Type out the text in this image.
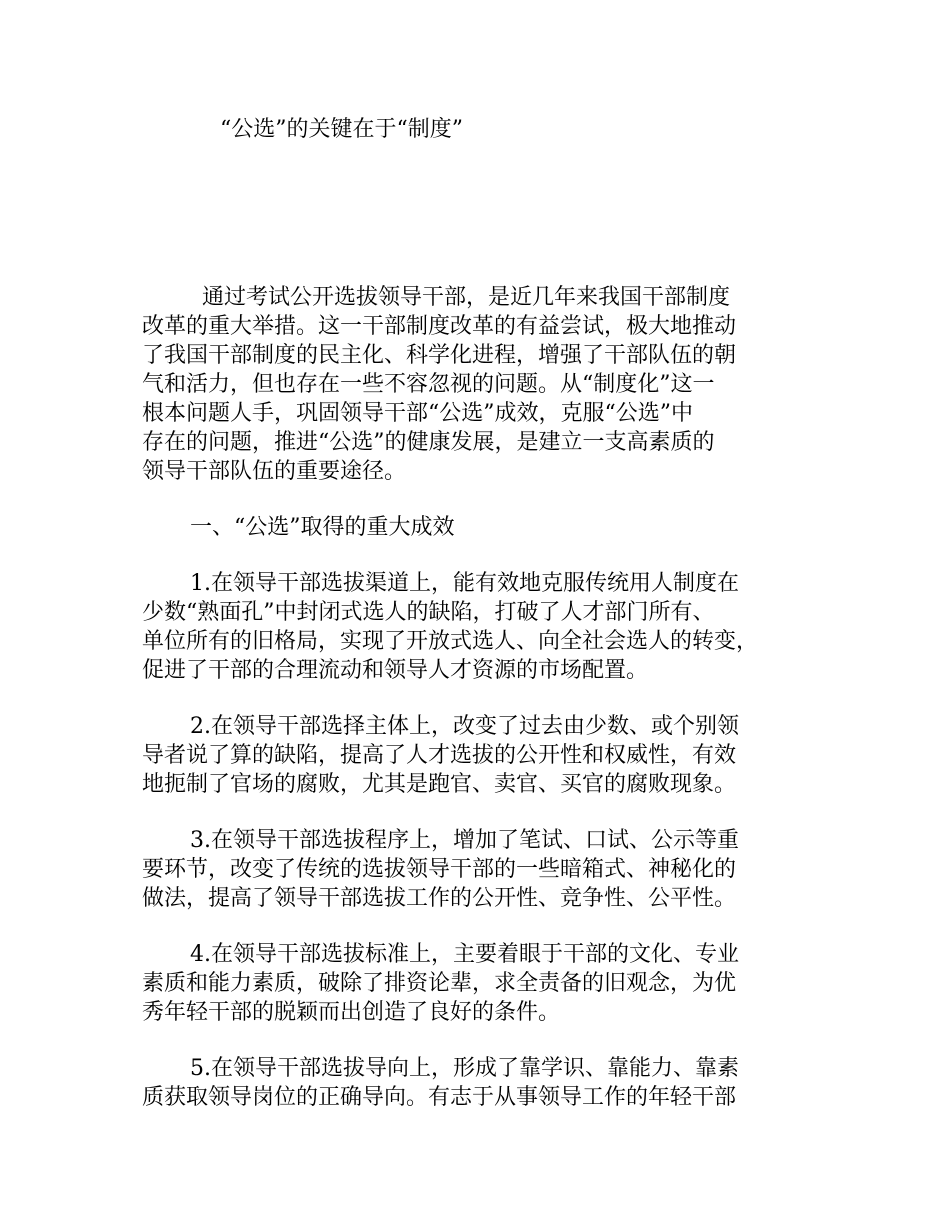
“公选”的关键在于“制度”
通过考试公开选拔领导干部，是近几年来我国干部制度
改革的重大举措。这一干部制度改革的有益尝试，极大地推动
了我国干部制度的民主化、科学化进程，增强了干部队伍的朝
气和活力，但也存在一些不容忽视的问题。从“制度化”这一
根本问题人手，巩固领导干部“公选”成效，克服“公选”中
存在的问题，推进“公选”的健康发展，是建立一支高素质的
领导干部队伍的重要途径。
一、“公选”取得的重大成效
1.在领导干部选拔渠道上，能有效地克服传统用人制度在
少数“熟面孔”中封闭式选人的缺陷，打破了人才部门所有、
单位所有的旧格局，实现了开放式选人、向全社会选人的转变，
促进了干部的合理流动和领导人才资源的市场配置。
2.在领导干部选择主体上，改变了过去由少数、或个别领
导者说了算的缺陷，提高了人才选拔的公开性和权威性，有效
地扼制了官场的腐败，尤其是跑官、卖官、买官的腐败现象。
3.在领导干部选拔程序上，增加了笔试、口试、公示等重
要环节，改变了传统的选拔领导干部的一些暗箱式、神秘化的
做法，提高了领导干部选拔工作的公开性、竞争性、公平性。
4.在领导干部选拔标准上，主要着眼于干部的文化、专业
素质和能力素质，破除了排资论辈，求全责备的旧观念，为优
秀年轻干部的脱颖而出创造了良好的条件。
5.在领导干部选拔导向上，形成了靠学识、靠能力、靠素
质获取领导岗位的正确导向。有志于从事领导工作的年轻干部
